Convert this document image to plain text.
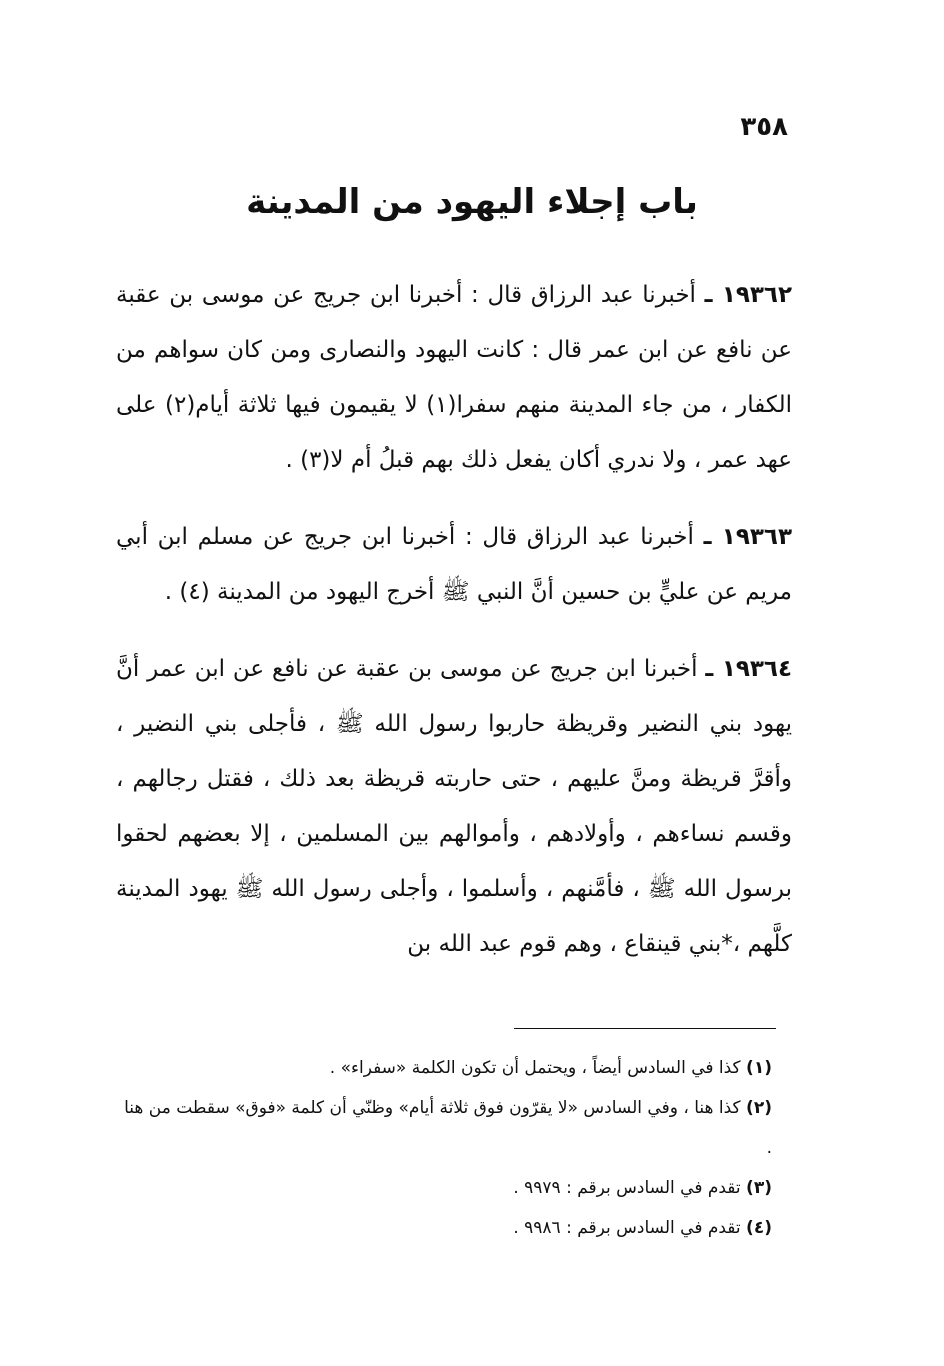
٣٥٨
باب إجلاء اليهود من المدينة

١٩٣٦٢ ـ أخبرنا عبد الرزاق قال : أخبرنا ابن جريج عن موسى بن عقبة عن نافع عن ابن عمر قال : كانت اليهود والنصارى ومن كان سواهم من الكفار ، من جاء المدينة منهم سفرا(١) لا يقيمون فيها ثلاثة أيام(٢) على عهد عمر ، ولا ندري أكان يفعل ذلك بهم قبلُ أم لا(٣) .

١٩٣٦٣ ـ أخبرنا عبد الرزاق قال : أخبرنا ابن جريج عن مسلم ابن أبي مريم عن عليٍّ بن حسين أنَّ النبي ﷺ أخرج اليهود من المدينة (٤) .

١٩٣٦٤ ـ أخبرنا ابن جريج عن موسى بن عقبة عن نافع عن ابن عمر أنَّ يهود بني النضير وقريظة حاربوا رسول الله ﷺ ، فأجلى بني النضير ، وأقرَّ قريظة ومنَّ عليهم ، حتى حاربته قريظة بعد ذلك ، فقتل رجالهم ، وقسم نساءهم ، وأولادهم ، وأموالهم بين المسلمين ، إلا بعضهم لحقوا برسول الله ﷺ ، فأمَّنهم ، وأسلموا ، وأجلى رسول الله ﷺ يهود المدينة كلَّهم ،*بني قينقاع ، وهم قوم عبد الله بن

(١) كذا في السادس أيضاً ، ويحتمل أن تكون الكلمة «سفراء» .
(٢) كذا هنا ، وفي السادس «لا يقرّون فوق ثلاثة أيام» وظنّي أن كلمة «فوق» سقطت من هنا .
(٣) تقدم في السادس برقم : ٩٩٧٩ .
(٤) تقدم في السادس برقم : ٩٩٨٦ .
